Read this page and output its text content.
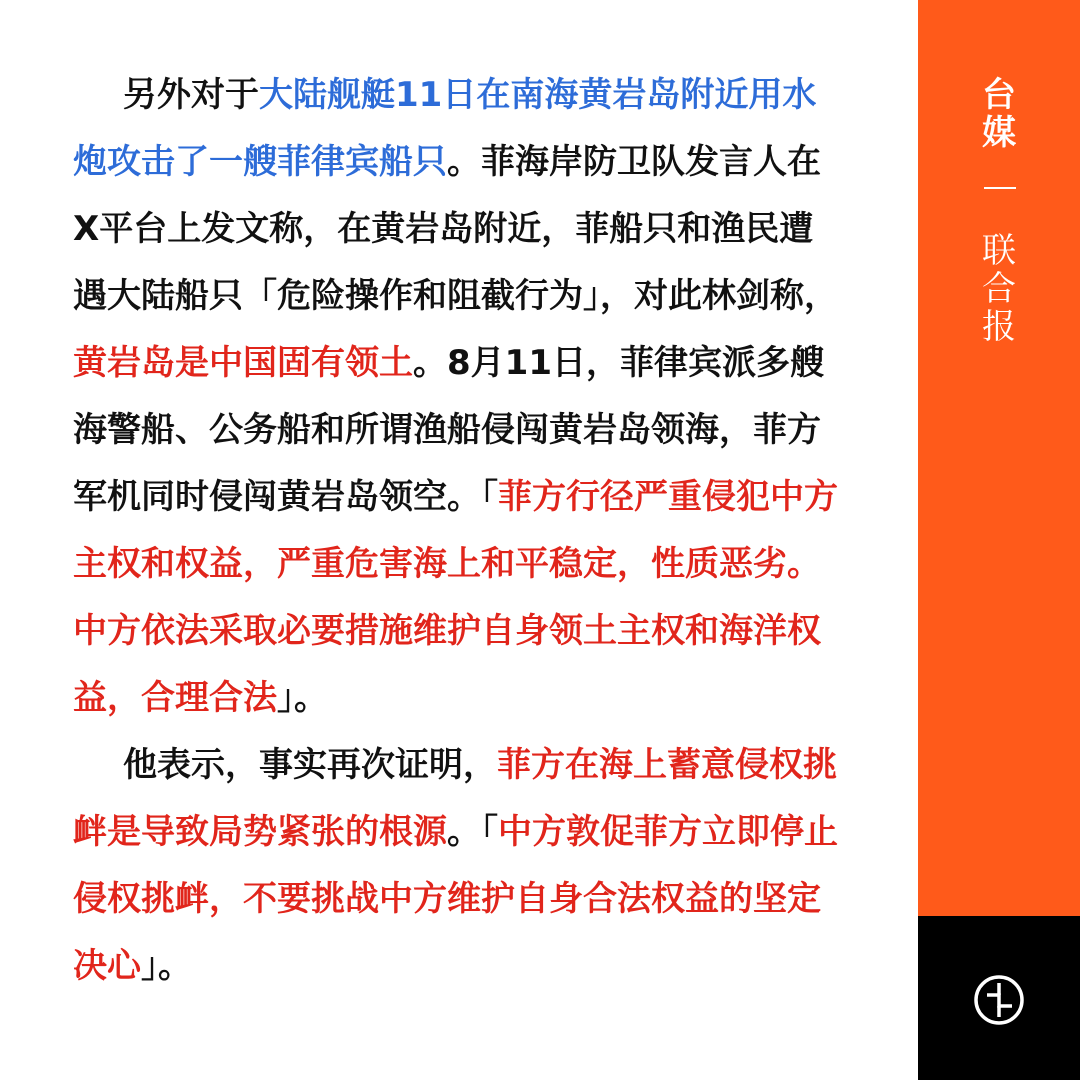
另外对于大陆舰艇11日在南海黄岩岛附近用水炮攻击了一艘菲律宾船只。菲海岸防卫队发言人在X平台上发文称，在黄岩岛附近，菲船只和渔民遭遇大陆船只「危险操作和阻截行为」，对此林剑称，黄岩岛是中国固有领土。8月11日，菲律宾派多艘海警船、公务船和所谓渔船侵闯黄岩岛领海，菲方军机同时侵闯黄岩岛领空。「菲方行径严重侵犯中方主权和权益，严重危害海上和平稳定，性质恶劣。中方依法采取必要措施维护自身领土主权和海洋权益，合理合法」。

他表示，事实再次证明，菲方在海上蓄意侵权挑衅是导致局势紧张的根源。「中方敦促菲方立即停止侵权挑衅，不要挑战中方维护自身合法权益的坚定决心」。

台媒
联合报
